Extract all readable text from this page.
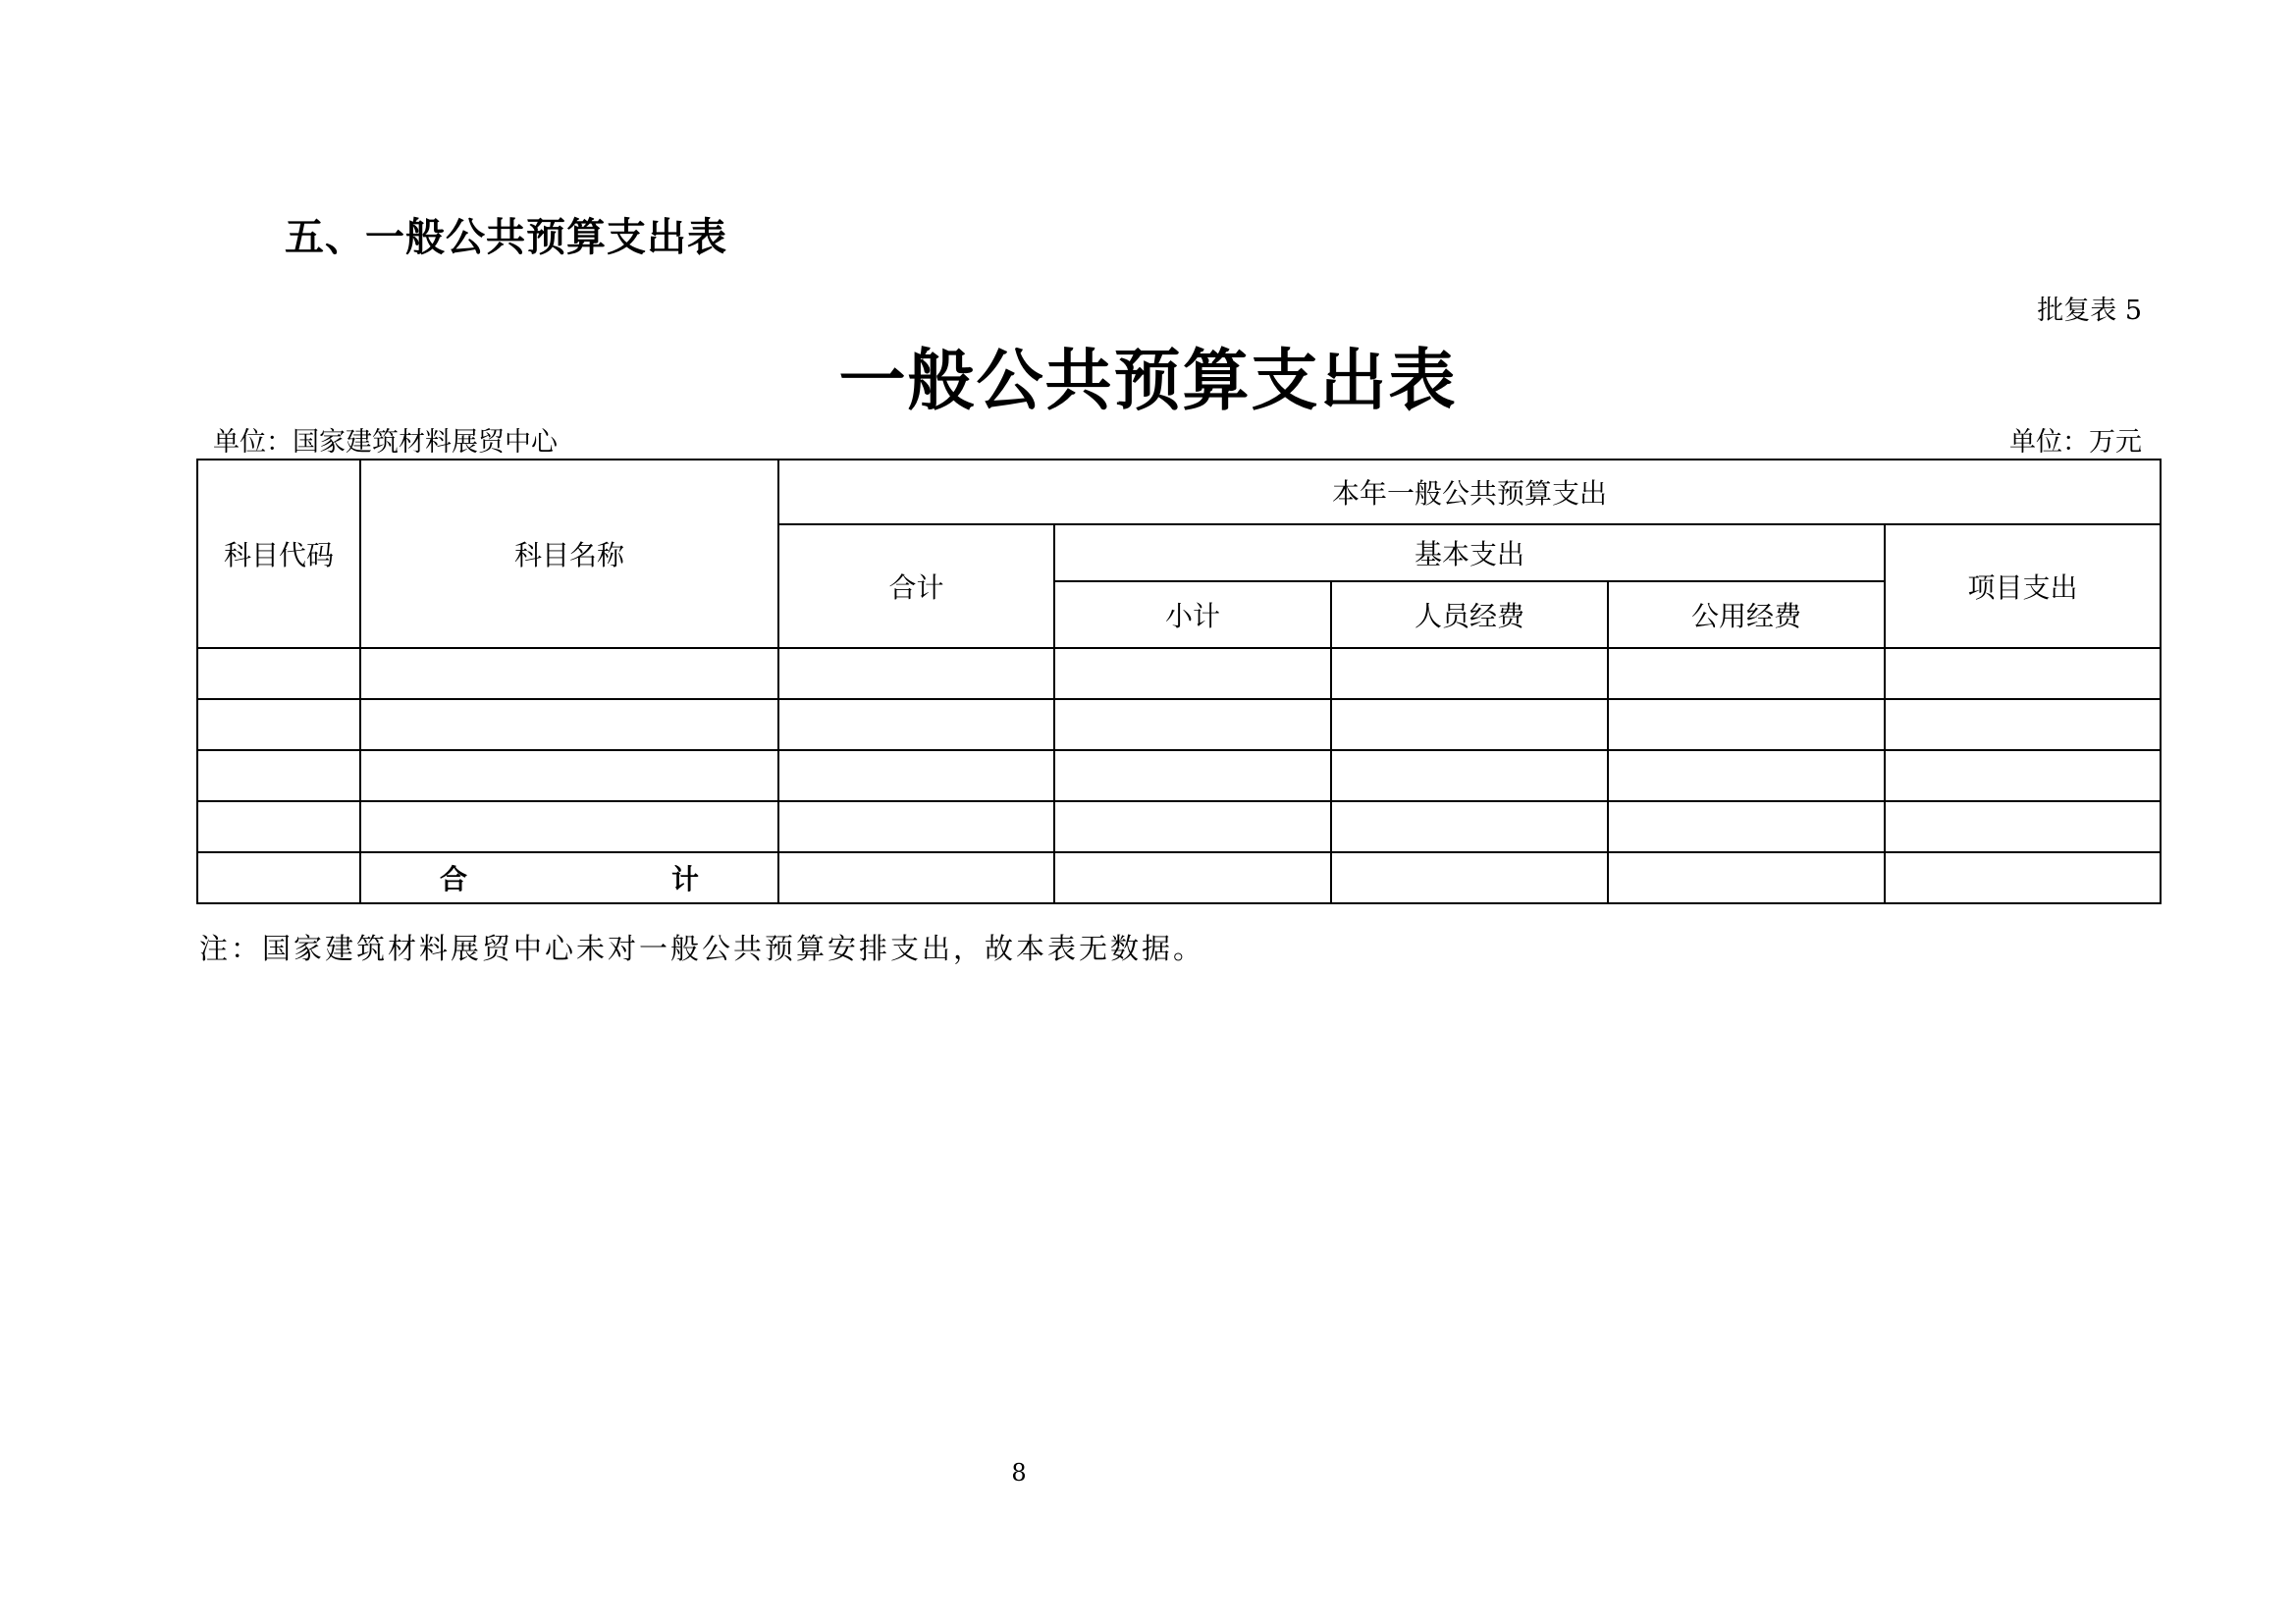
五、一般公共预算支出表
批复表 5
一般公共预算支出表
单位：国家建筑材料展贸中心	单位：万元
科目代码	科目名称	本年一般公共预算支出				
		合计	基本支出			项目支出
			小计	人员经费	公用经费	

	合 计					

注：国家建筑材料展贸中心未对一般公共预算安排支出，故本表无数据。
8
